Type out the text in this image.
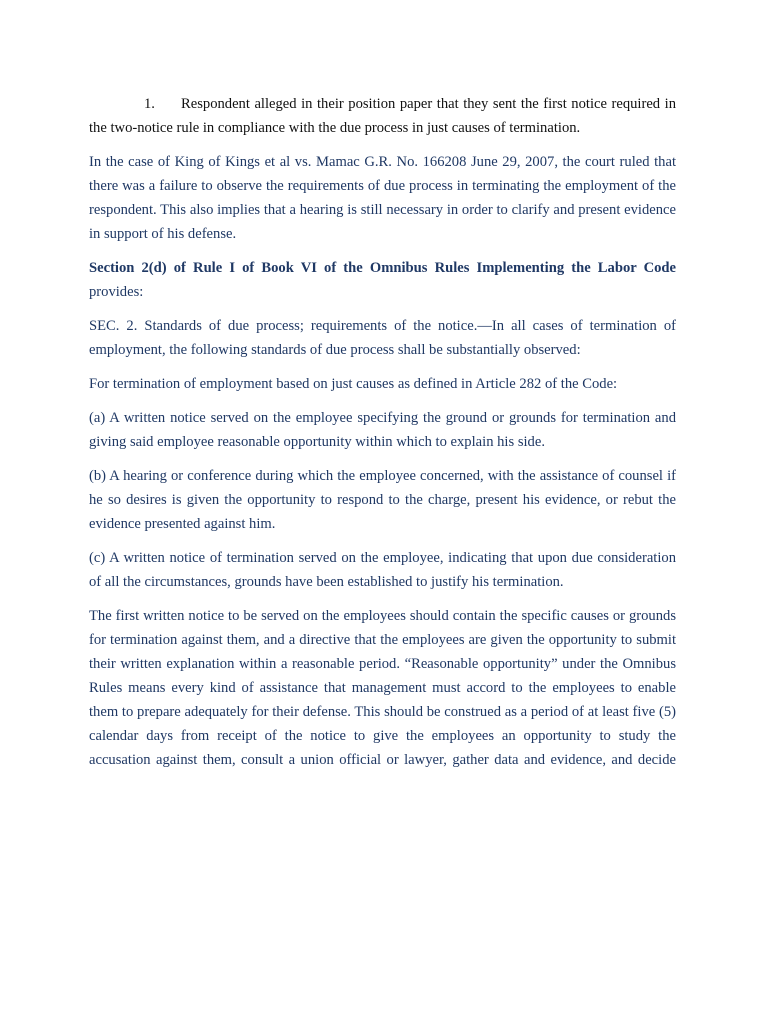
1. Respondent alleged in their position paper that they sent the first notice required in the two-notice rule in compliance with the due process in just causes of termination.

In the case of King of Kings et al vs. Mamac G.R. No. 166208 June 29, 2007, the court ruled that there was a failure to observe the requirements of due process in terminating the employment of the respondent. This also implies that a hearing is still necessary in order to clarify and present evidence in support of his defense.

Section 2(d) of Rule I of Book VI of the Omnibus Rules Implementing the Labor Code provides:

SEC. 2. Standards of due process; requirements of the notice.—In all cases of termination of employment, the following standards of due process shall be substantially observed:

For termination of employment based on just causes as defined in Article 282 of the Code:

(a) A written notice served on the employee specifying the ground or grounds for termination and giving said employee reasonable opportunity within which to explain his side.

(b) A hearing or conference during which the employee concerned, with the assistance of counsel if he so desires is given the opportunity to respond to the charge, present his evidence, or rebut the evidence presented against him.

(c) A written notice of termination served on the employee, indicating that upon due consideration of all the circumstances, grounds have been established to justify his termination.

The first written notice to be served on the employees should contain the specific causes or grounds for termination against them, and a directive that the employees are given the opportunity to submit their written explanation within a reasonable period. “Reasonable opportunity” under the Omnibus Rules means every kind of assistance that management must accord to the employees to enable them to prepare adequately for their defense. This should be construed as a period of at least five (5) calendar days from receipt of the notice to give the employees an opportunity to study the accusation against them, consult a union official or lawyer, gather data and evidence, and decide
